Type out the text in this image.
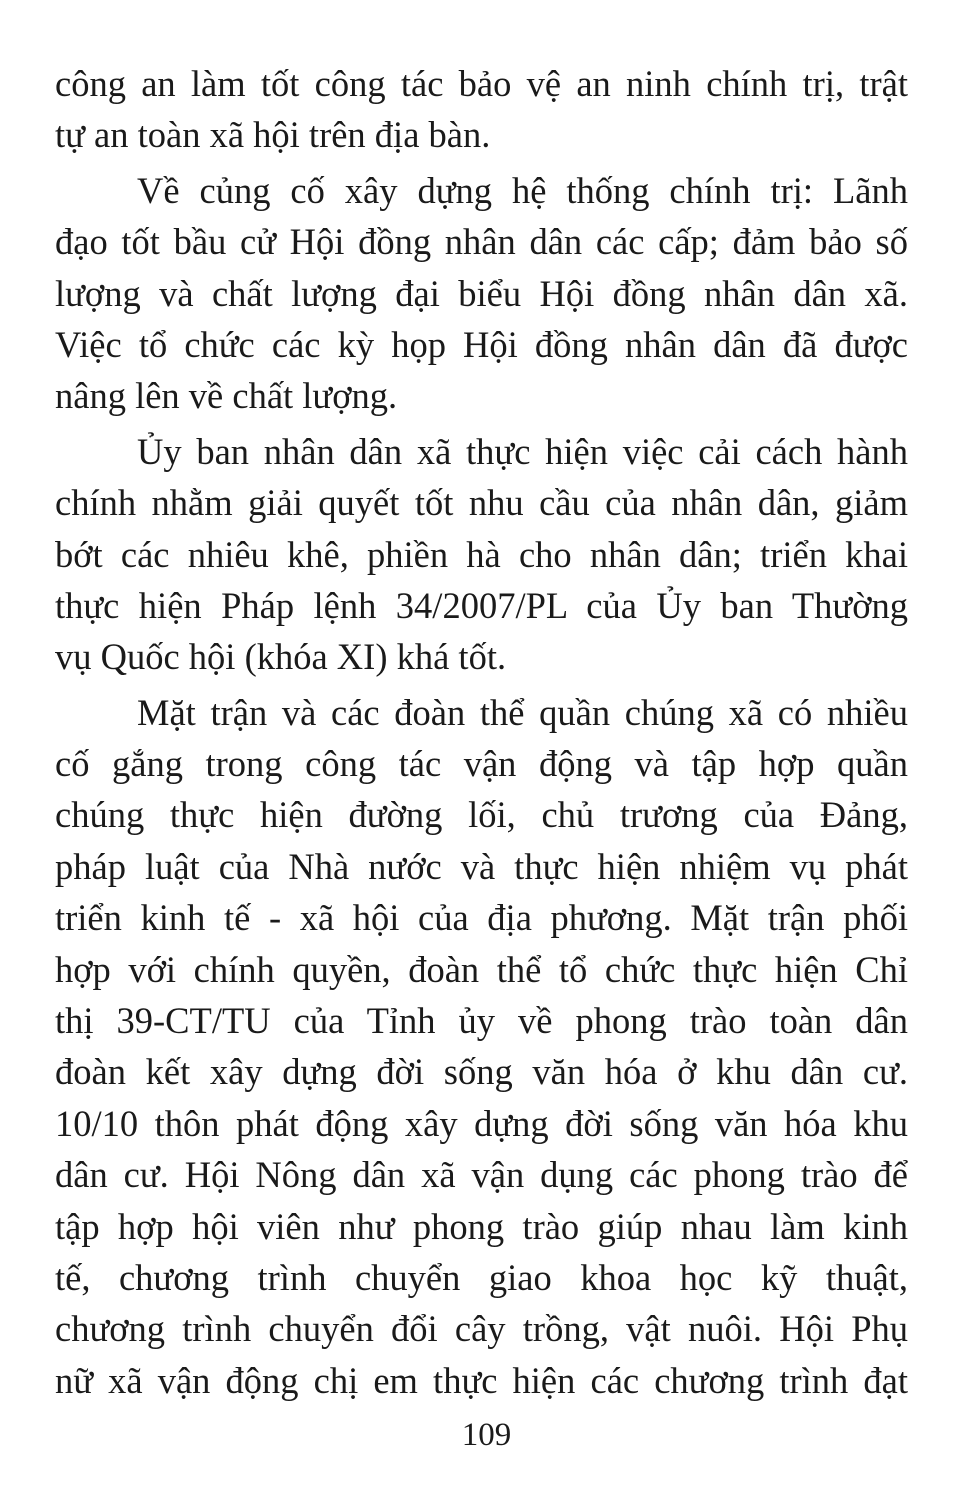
công an làm tốt công tác bảo vệ an ninh chính trị, trật
tự an toàn xã hội trên địa bàn.
Về củng cố xây dựng hệ thống chính trị: Lãnh
đạo tốt bầu cử Hội đồng nhân dân các cấp; đảm bảo số
lượng và chất lượng đại biểu Hội đồng nhân dân xã.
Việc tổ chức các kỳ họp Hội đồng nhân dân đã được
nâng lên về chất lượng.
Ủy ban nhân dân xã thực hiện việc cải cách hành
chính nhằm giải quyết tốt nhu cầu của nhân dân, giảm
bớt các nhiêu khê, phiền hà cho nhân dân; triển khai
thực hiện Pháp lệnh 34/2007/PL của Ủy ban Thường
vụ Quốc hội (khóa XI) khá tốt.
Mặt trận và các đoàn thể quần chúng xã có nhiều
cố gắng trong công tác vận động và tập hợp quần
chúng thực hiện đường lối, chủ trương của Đảng,
pháp luật của Nhà nước và thực hiện nhiệm vụ phát
triển kinh tế - xã hội của địa phương. Mặt trận phối
hợp với chính quyền, đoàn thể tổ chức thực hiện Chỉ
thị 39-CT/TU của Tỉnh ủy về phong trào toàn dân
đoàn kết xây dựng đời sống văn hóa ở khu dân cư.
10/10 thôn phát động xây dựng đời sống văn hóa khu
dân cư. Hội Nông dân xã vận dụng các phong trào để
tập hợp hội viên như phong trào giúp nhau làm kinh
tế, chương trình chuyển giao khoa học kỹ thuật,
chương trình chuyển đổi cây trồng, vật nuôi. Hội Phụ
nữ xã vận động chị em thực hiện các chương trình đạt
109
